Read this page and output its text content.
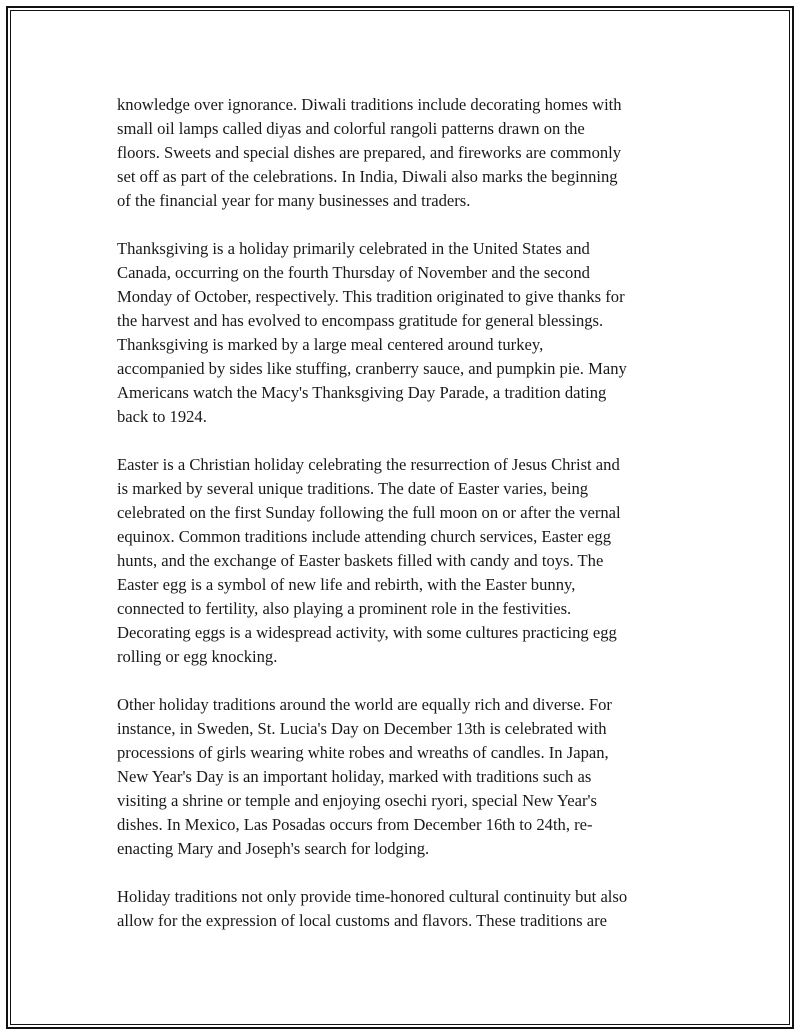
knowledge over ignorance. Diwali traditions include decorating homes with
small oil lamps called diyas and colorful rangoli patterns drawn on the
floors. Sweets and special dishes are prepared, and fireworks are commonly
set off as part of the celebrations. In India, Diwali also marks the beginning
of the financial year for many businesses and traders.

Thanksgiving is a holiday primarily celebrated in the United States and
Canada, occurring on the fourth Thursday of November and the second
Monday of October, respectively. This tradition originated to give thanks for
the harvest and has evolved to encompass gratitude for general blessings.
Thanksgiving is marked by a large meal centered around turkey,
accompanied by sides like stuffing, cranberry sauce, and pumpkin pie. Many
Americans watch the Macy's Thanksgiving Day Parade, a tradition dating
back to 1924.

Easter is a Christian holiday celebrating the resurrection of Jesus Christ and
is marked by several unique traditions. The date of Easter varies, being
celebrated on the first Sunday following the full moon on or after the vernal
equinox. Common traditions include attending church services, Easter egg
hunts, and the exchange of Easter baskets filled with candy and toys. The
Easter egg is a symbol of new life and rebirth, with the Easter bunny,
connected to fertility, also playing a prominent role in the festivities.
Decorating eggs is a widespread activity, with some cultures practicing egg
rolling or egg knocking.

Other holiday traditions around the world are equally rich and diverse. For
instance, in Sweden, St. Lucia's Day on December 13th is celebrated with
processions of girls wearing white robes and wreaths of candles. In Japan,
New Year's Day is an important holiday, marked with traditions such as
visiting a shrine or temple and enjoying osechi ryori, special New Year's
dishes. In Mexico, Las Posadas occurs from December 16th to 24th, re-
enacting Mary and Joseph's search for lodging.

Holiday traditions not only provide time-honored cultural continuity but also
allow for the expression of local customs and flavors. These traditions are
